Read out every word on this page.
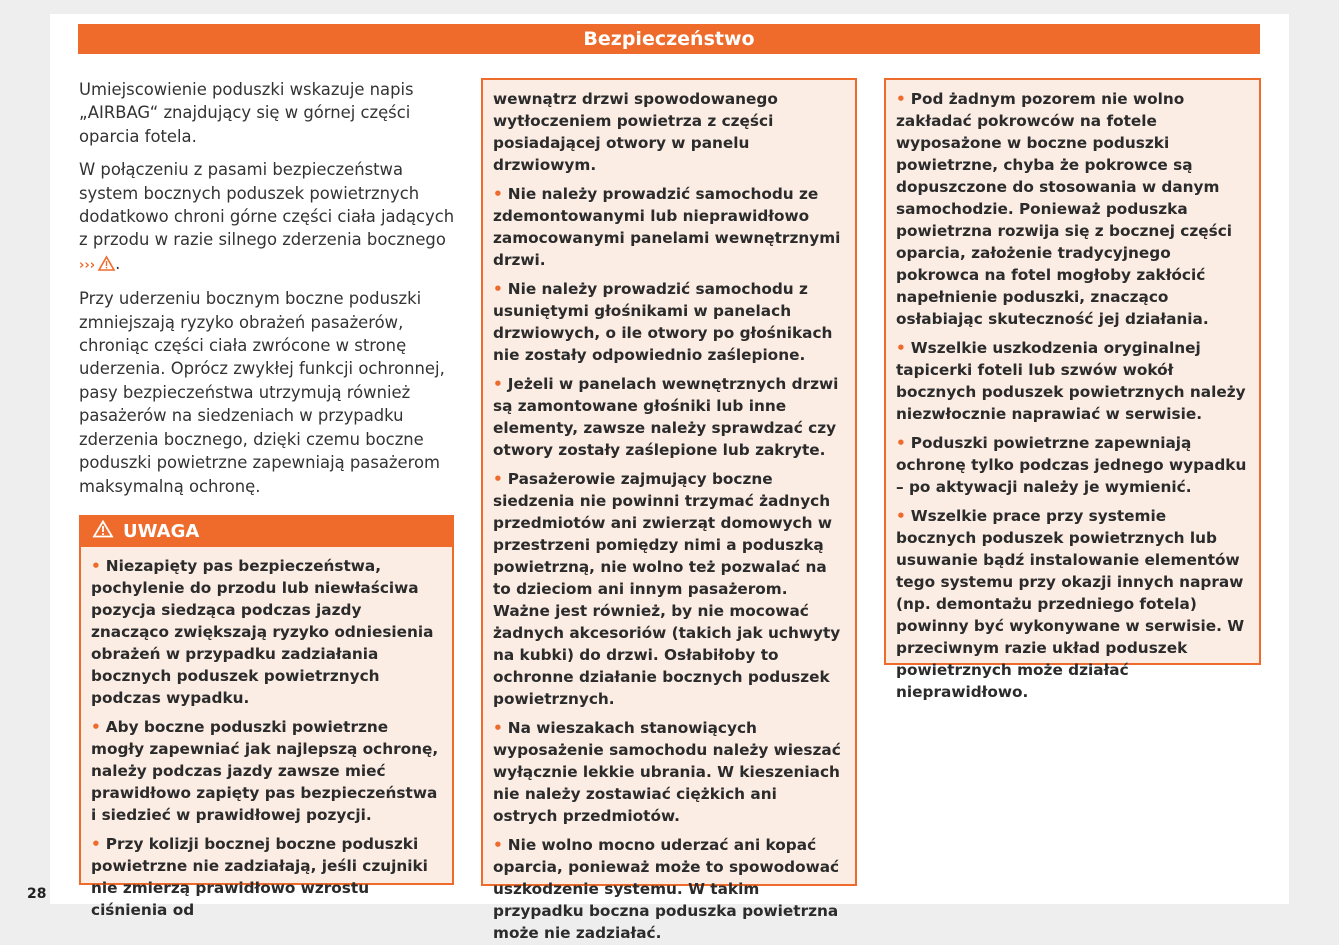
Bezpieczeństwo

Umiejscowienie poduszki wskazuje napis „AIRBAG“ znajdujący się w górnej części oparcia fotela.

W połączeniu z pasami bezpieczeństwa system bocznych poduszek powietrznych dodatkowo chroni górne części ciała jadących z przodu w razie silnego zderzenia bocznego ››› .

Przy uderzeniu bocznym boczne poduszki zmniejszają ryzyko obrażeń pasażerów, chroniąc części ciała zwrócone w stronę uderzenia. Oprócz zwykłej funkcji ochronnej, pasy bezpieczeństwa utrzymują również pasażerów na siedzeniach w przypadku zderzenia bocznego, dzięki czemu boczne poduszki powietrzne zapewniają pasażerom maksymalną ochronę.

UWAGA

• Niezapięty pas bezpieczeństwa, pochylenie do przodu lub niewłaściwa pozycja siedząca podczas jazdy znacząco zwiększają ryzyko odniesienia obrażeń w przypadku zadziałania bocznych poduszek powietrznych podczas wypadku.

• Aby boczne poduszki powietrzne mogły zapewniać jak najlepszą ochronę, należy podczas jazdy zawsze mieć prawidłowo zapięty pas bezpieczeństwa i siedzieć w prawidłowej pozycji.

• Przy kolizji bocznej boczne poduszki powietrzne nie zadziałają, jeśli czujniki nie zmierzą prawidłowo wzrostu ciśnienia od

wewnątrz drzwi spowodowanego wytłoczeniem powietrza z części posiadającej otwory w panelu drzwiowym.

• Nie należy prowadzić samochodu ze zdemontowanymi lub nieprawidłowo zamocowanymi panelami wewnętrznymi drzwi.

• Nie należy prowadzić samochodu z usuniętymi głośnikami w panelach drzwiowych, o ile otwory po głośnikach nie zostały odpowiednio zaślepione.

• Jeżeli w panelach wewnętrznych drzwi są zamontowane głośniki lub inne elementy, zawsze należy sprawdzać czy otwory zostały zaślepione lub zakryte.

• Pasażerowie zajmujący boczne siedzenia nie powinni trzymać żadnych przedmiotów ani zwierząt domowych w przestrzeni pomiędzy nimi a poduszką powietrzną, nie wolno też pozwalać na to dzieciom ani innym pasażerom. Ważne jest również, by nie mocować żadnych akcesoriów (takich jak uchwyty na kubki) do drzwi. Osłabiłoby to ochronne działanie bocznych poduszek powietrznych.

• Na wieszakach stanowiących wyposażenie samochodu należy wieszać wyłącznie lekkie ubrania. W kieszeniach nie należy zostawiać ciężkich ani ostrych przedmiotów.

• Nie wolno mocno uderzać ani kopać oparcia, ponieważ może to spowodować uszkodzenie systemu. W takim przypadku boczna poduszka powietrzna może nie zadziałać.

• Pod żadnym pozorem nie wolno zakładać pokrowców na fotele wyposażone w boczne poduszki powietrzne, chyba że pokrowce są dopuszczone do stosowania w danym samochodzie. Ponieważ poduszka powietrzna rozwija się z bocznej części oparcia, założenie tradycyjnego pokrowca na fotel mogłoby zakłócić napełnienie poduszki, znacząco osłabiając skuteczność jej działania.

• Wszelkie uszkodzenia oryginalnej tapicerki foteli lub szwów wokół bocznych poduszek powietrznych należy niezwłocznie naprawiać w serwisie.

• Poduszki powietrzne zapewniają ochronę tylko podczas jednego wypadku – po aktywacji należy je wymienić.

• Wszelkie prace przy systemie bocznych poduszek powietrznych lub usuwanie bądź instalowanie elementów tego systemu przy okazji innych napraw (np. demontażu przedniego fotela) powinny być wykonywane w serwisie. W przeciwnym razie układ poduszek powietrznych może działać nieprawidłowo.

28
